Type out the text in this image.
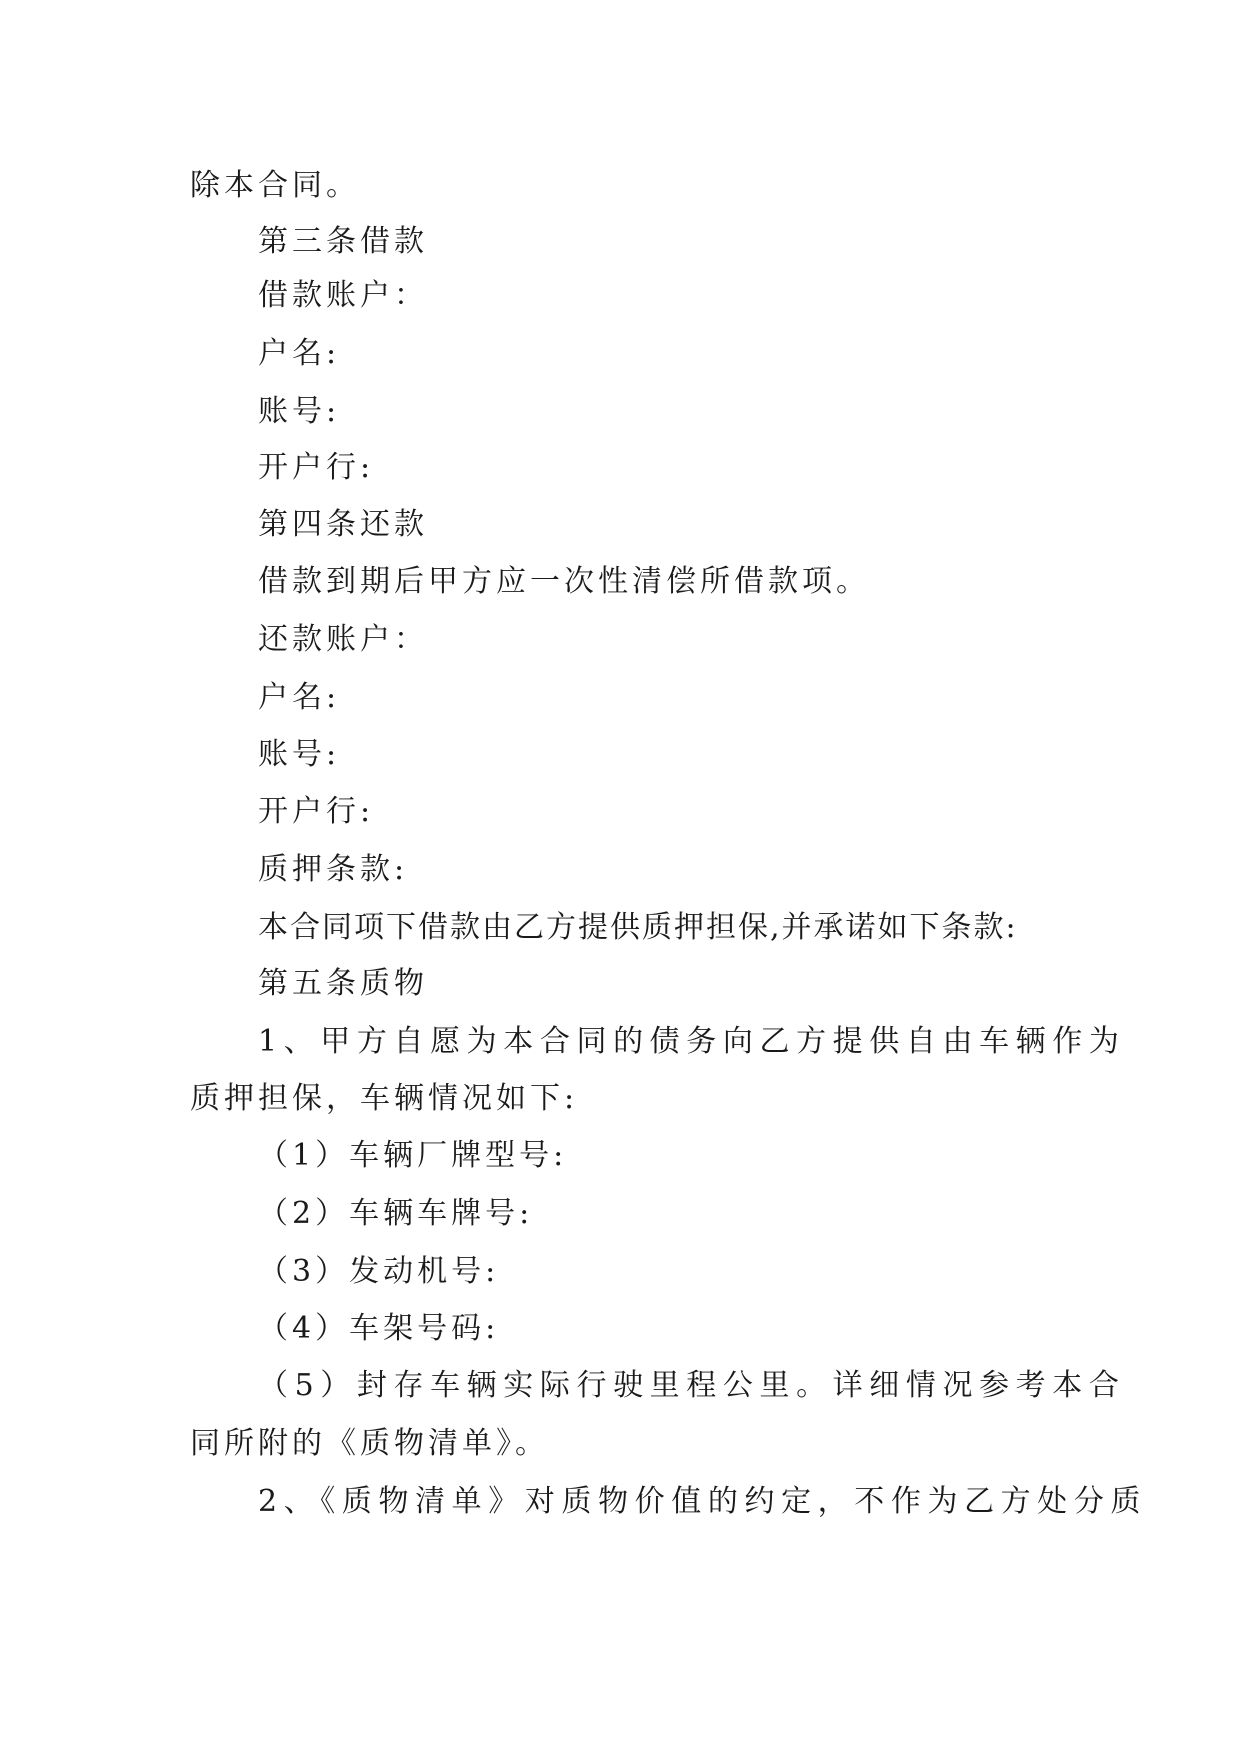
除本合同。
第三条借款
借款账户：
户名:
账号:
开户行:
第四条还款
借款到期后甲方应一次性清偿所借款项。
还款账户：
户名:
账号:
开户行:
质押条款:
本合同项下借款由乙方提供质押担保,并承诺如下条款:
第五条质物
1、甲方自愿为本合同的债务向乙方提供自由车辆作为
质押担保，车辆情况如下:
（1）车辆厂牌型号:
（2）车辆车牌号:
（3）发动机号:
（4）车架号码:
（5）封存车辆实际行驶里程公里。详细情况参考本合
同所附的《质物清单》。
2、《质物清单》对质物价值的约定，不作为乙方处分质
